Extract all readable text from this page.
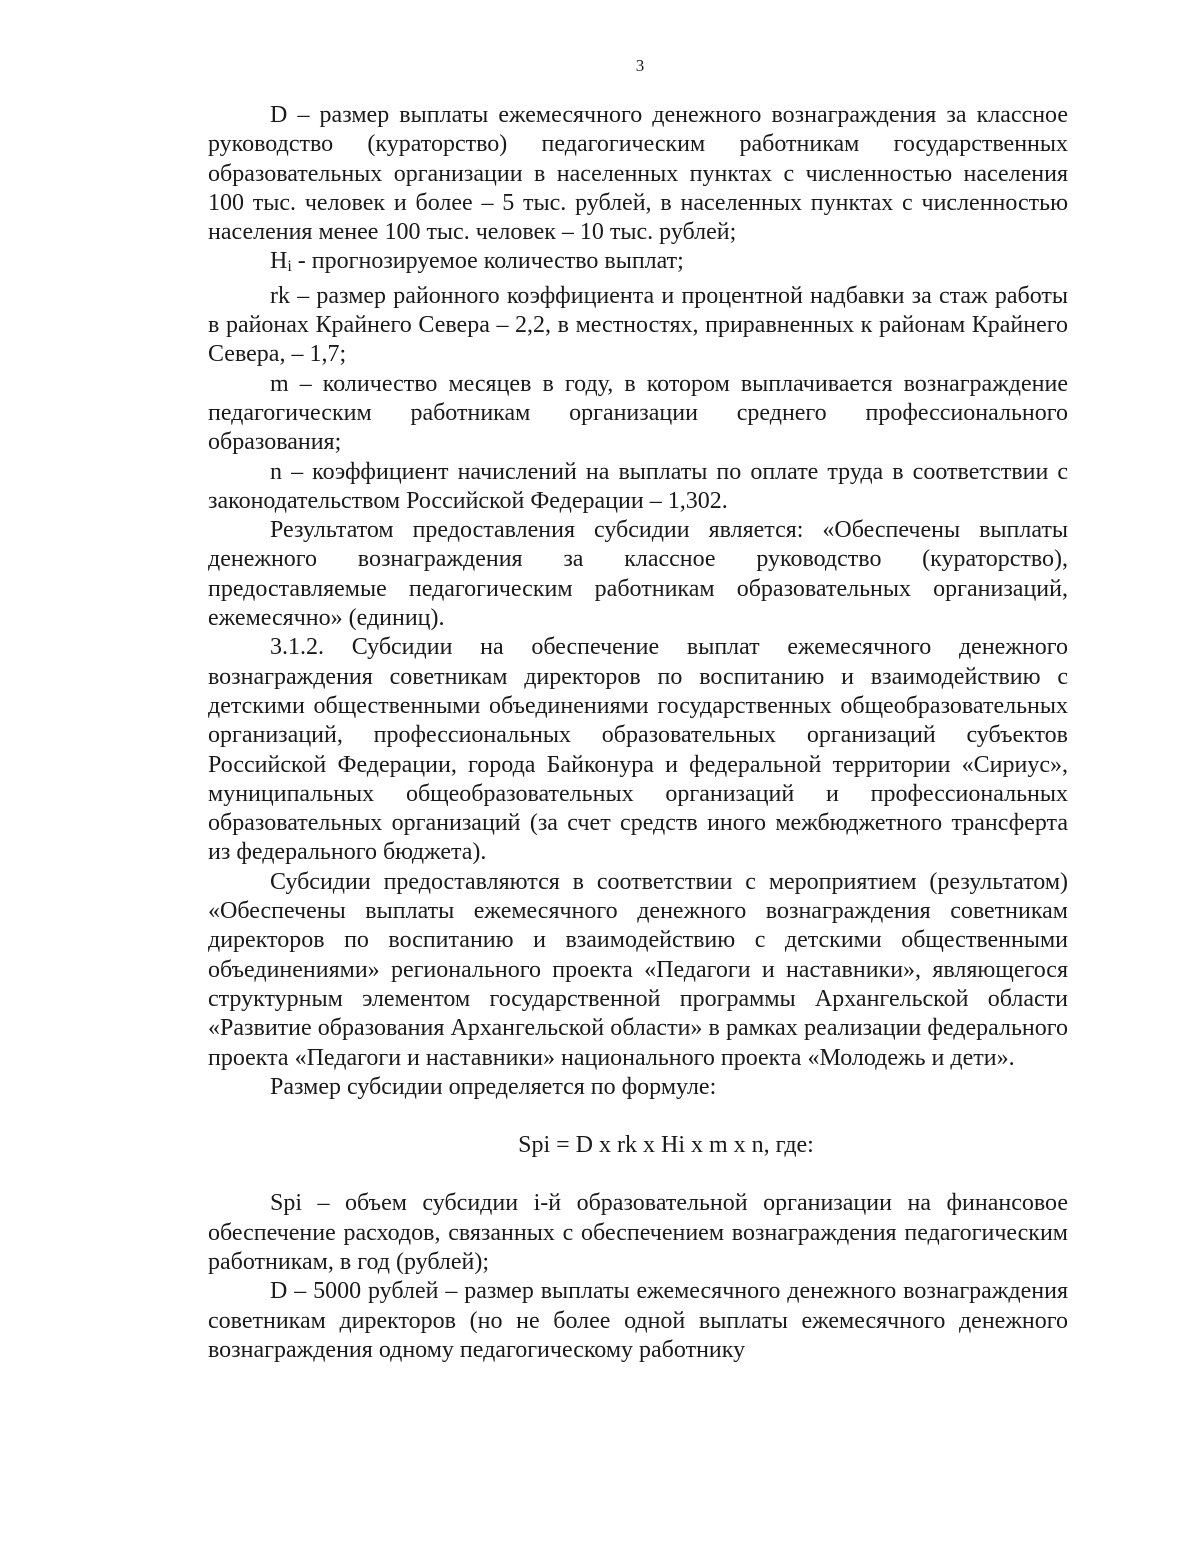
3

D – размер выплаты ежемесячного денежного вознаграждения за классное руководство (кураторство) педагогическим работникам государственных образовательных организации в населенных пунктах с численностью населения 100 тыс. человек и более – 5 тыс. рублей, в населенных пунктах с численностью населения менее 100 тыс. человек – 10 тыс. рублей;

Hi - прогнозируемое количество выплат;

rk – размер районного коэффициента и процентной надбавки за стаж работы в районах Крайнего Севера – 2,2, в местностях, приравненных к районам Крайнего Севера, – 1,7;

m – количество месяцев в году, в котором выплачивается вознаграждение педагогическим работникам организации среднего профессионального образования;

n – коэффициент начислений на выплаты по оплате труда в соответствии с законодательством Российской Федерации – 1,302.

Результатом предоставления субсидии является: «Обеспечены выплаты денежного вознаграждения за классное руководство (кураторство), предоставляемые педагогическим работникам образовательных организаций, ежемесячно» (единиц).

3.1.2. Субсидии на обеспечение выплат ежемесячного денежного вознаграждения советникам директоров по воспитанию и взаимодействию с детскими общественными объединениями государственных общеобразовательных организаций, профессиональных образовательных организаций субъектов Российской Федерации, города Байконура и федеральной территории «Сириус», муниципальных общеобразовательных организаций и профессиональных образовательных организаций (за счет средств иного межбюджетного трансферта из федерального бюджета).

Субсидии предоставляются в соответствии с мероприятием (результатом) «Обеспечены выплаты ежемесячного денежного вознаграждения советникам директоров по воспитанию и взаимодействию с детскими общественными объединениями» регионального проекта «Педагоги и наставники», являющегося структурным элементом государственной программы Архангельской области «Развитие образования Архангельской области» в рамках реализации федерального проекта «Педагоги и наставники» национального проекта «Молодежь и дети».

Размер субсидии определяется по формуле:

Spi = D x rk x Hi x m x n, где:

Spi – объем субсидии i-й образовательной организации на финансовое обеспечение расходов, связанных с обеспечением вознаграждения педагогическим работникам, в год (рублей);

D – 5000 рублей – размер выплаты ежемесячного денежного вознаграждения советникам директоров (но не более одной выплаты ежемесячного денежного вознаграждения одному педагогическому работнику
